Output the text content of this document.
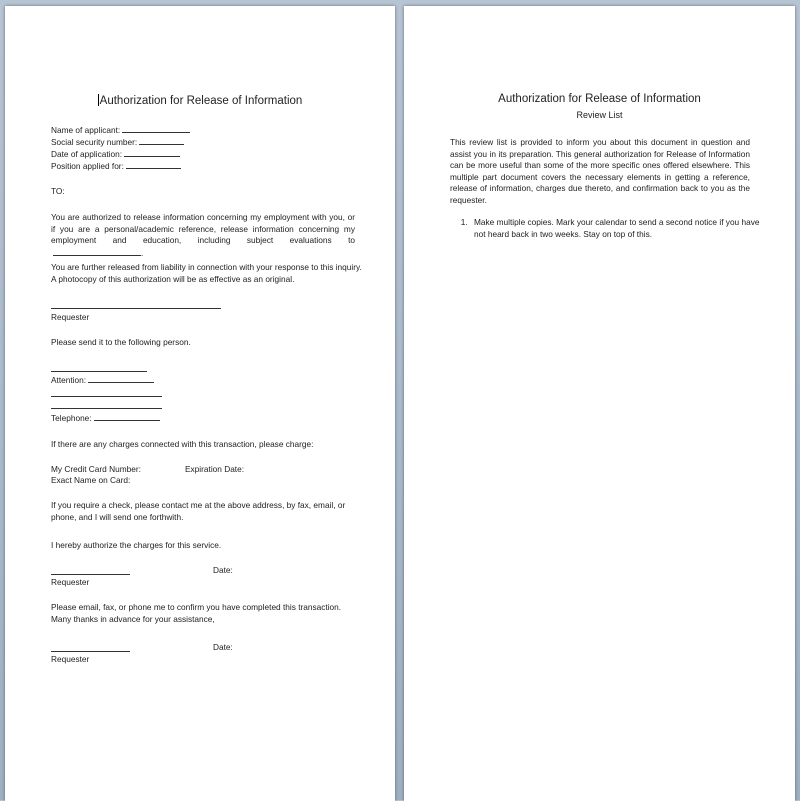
Authorization for Release of Information
Name of applicant:
Social security number:
Date of application:
Position applied for:
TO:
You are authorized to release information concerning my employment with you, or if you are a personal/academic reference, release information concerning my employment and education, including subject evaluations to.
You are further released from liability in connection with your response to this inquiry.
A photocopy of this authorization will be as effective as an original.
Requester
Please send it to the following person.
Attention:
Telephone:
If there are any charges connected with this transaction, please charge:
My Credit Card Number:	Expiration Date:
Exact Name on Card:
If you require a check, please contact me at the above address, by fax, email, or phone, and I will send one forthwith.
I hereby authorize the charges for this service.
Date:
Requester
Please email, fax, or phone me to confirm you have completed this transaction. Many thanks in advance for your assistance,
Date:
Requester
Authorization for Release of Information
Review List
This review list is provided to inform you about this document in question and assist you in its preparation. This general authorization for Release of Information can be more useful than some of the more specific ones offered elsewhere. This multiple part document covers the necessary elements in getting a reference, release of information, charges due thereto, and confirmation back to you as the requester.
1. Make multiple copies. Mark your calendar to send a second notice if you have not heard back in two weeks. Stay on top of this.
